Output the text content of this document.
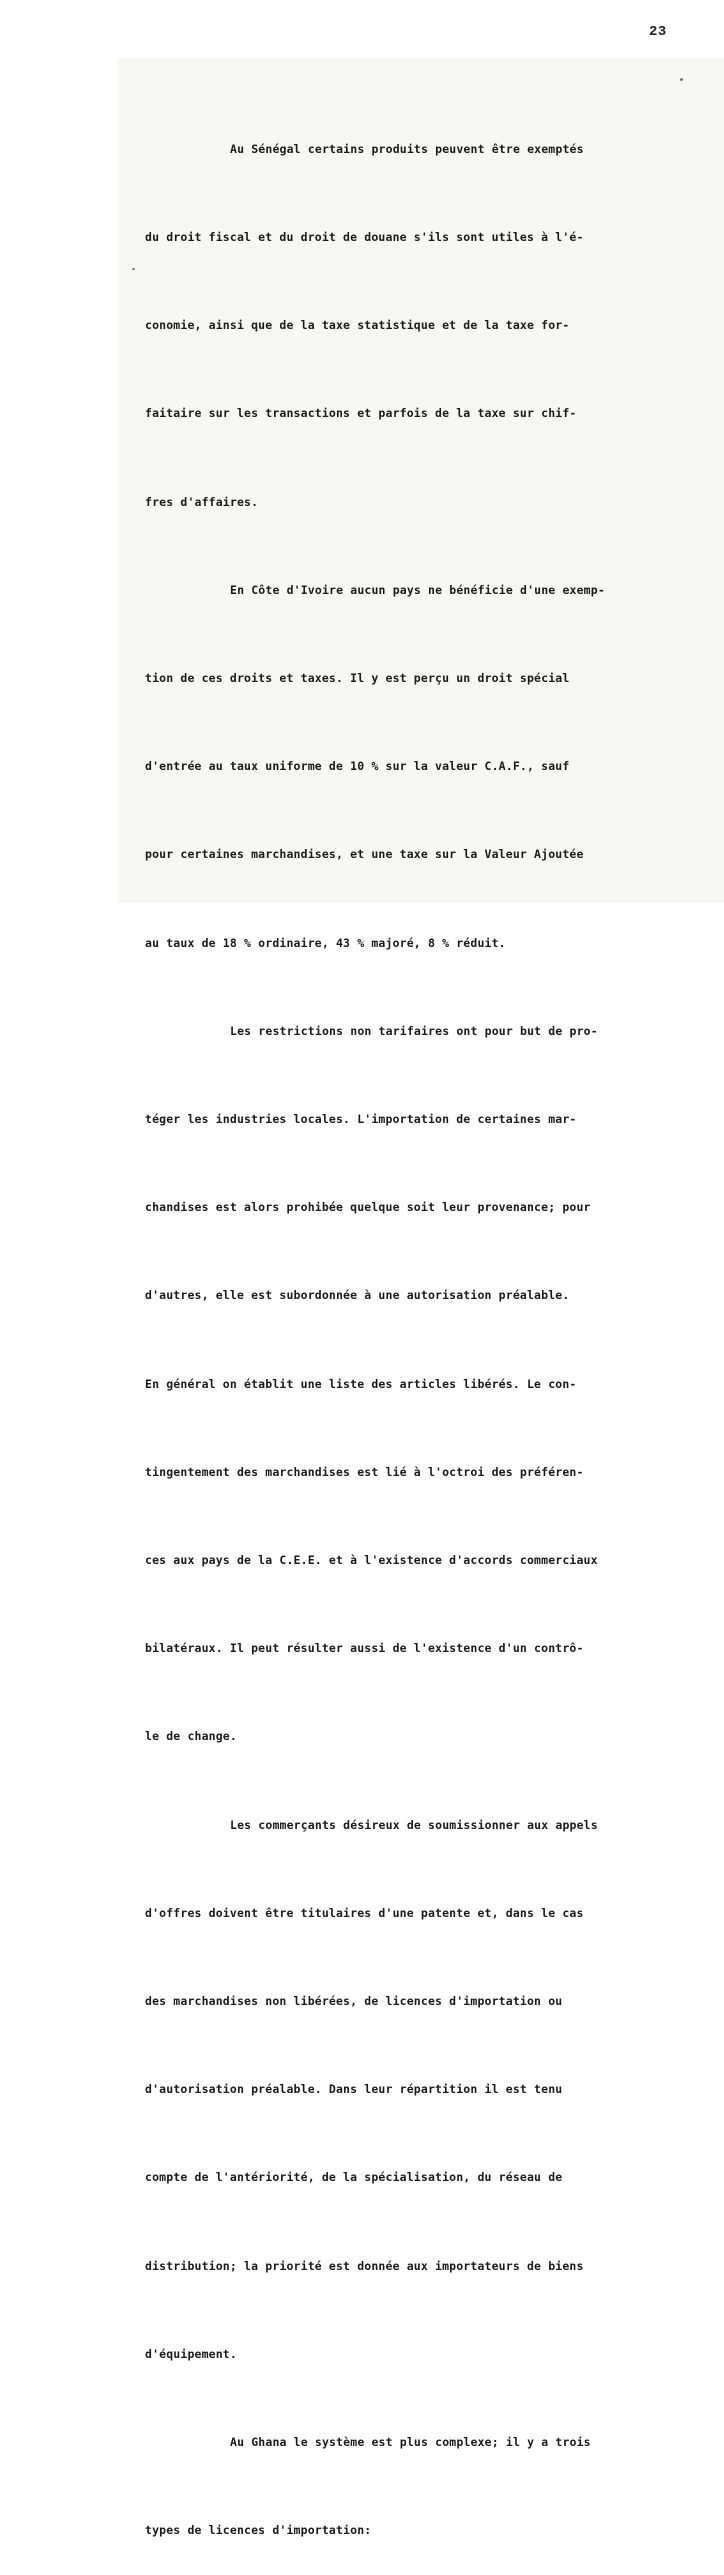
23

Au Sénégal certains produits peuvent être exemptés

du droit fiscal et du droit de douane s'ils sont utiles à l'é-

conomie, ainsi que de la taxe statistique et de la taxe for-

faitaire sur les transactions et parfois de la taxe sur chif-

fres d'affaires.

En Côte d'Ivoire aucun pays ne bénéficie d'une exemp-

tion de ces droits et taxes. Il y est perçu un droit spécial

d'entrée au taux uniforme de 10 % sur la valeur C.A.F., sauf

pour certaines marchandises, et une taxe sur la Valeur Ajoutée

au taux de 18 % ordinaire, 43 % majoré, 8 % réduit.

Les restrictions non tarifaires ont pour but de pro-

téger les industries locales. L'importation de certaines mar-

chandises est alors prohibée quelque soit leur provenance; pour

d'autres, elle est subordonnée à une autorisation préalable.

En général on établit une liste des articles libérés. Le con-

tingentement des marchandises est lié à l'octroi des préféren-

ces aux pays de la C.E.E. et à l'existence d'accords commerciaux

bilatéraux. Il peut résulter aussi de l'existence d'un contrô-

le de change.

Les commerçants désireux de soumissionner aux appels

d'offres doivent être titulaires d'une patente et, dans le cas

des marchandises non libérées, de licences d'importation ou

d'autorisation préalable. Dans leur répartition il est tenu

compte de l'antériorité, de la spécialisation, du réseau de

distribution; la priorité est donnée aux importateurs de biens

d'équipement.

Au Ghana le système est plus complexe; il y a trois

types de licences d'importation:
